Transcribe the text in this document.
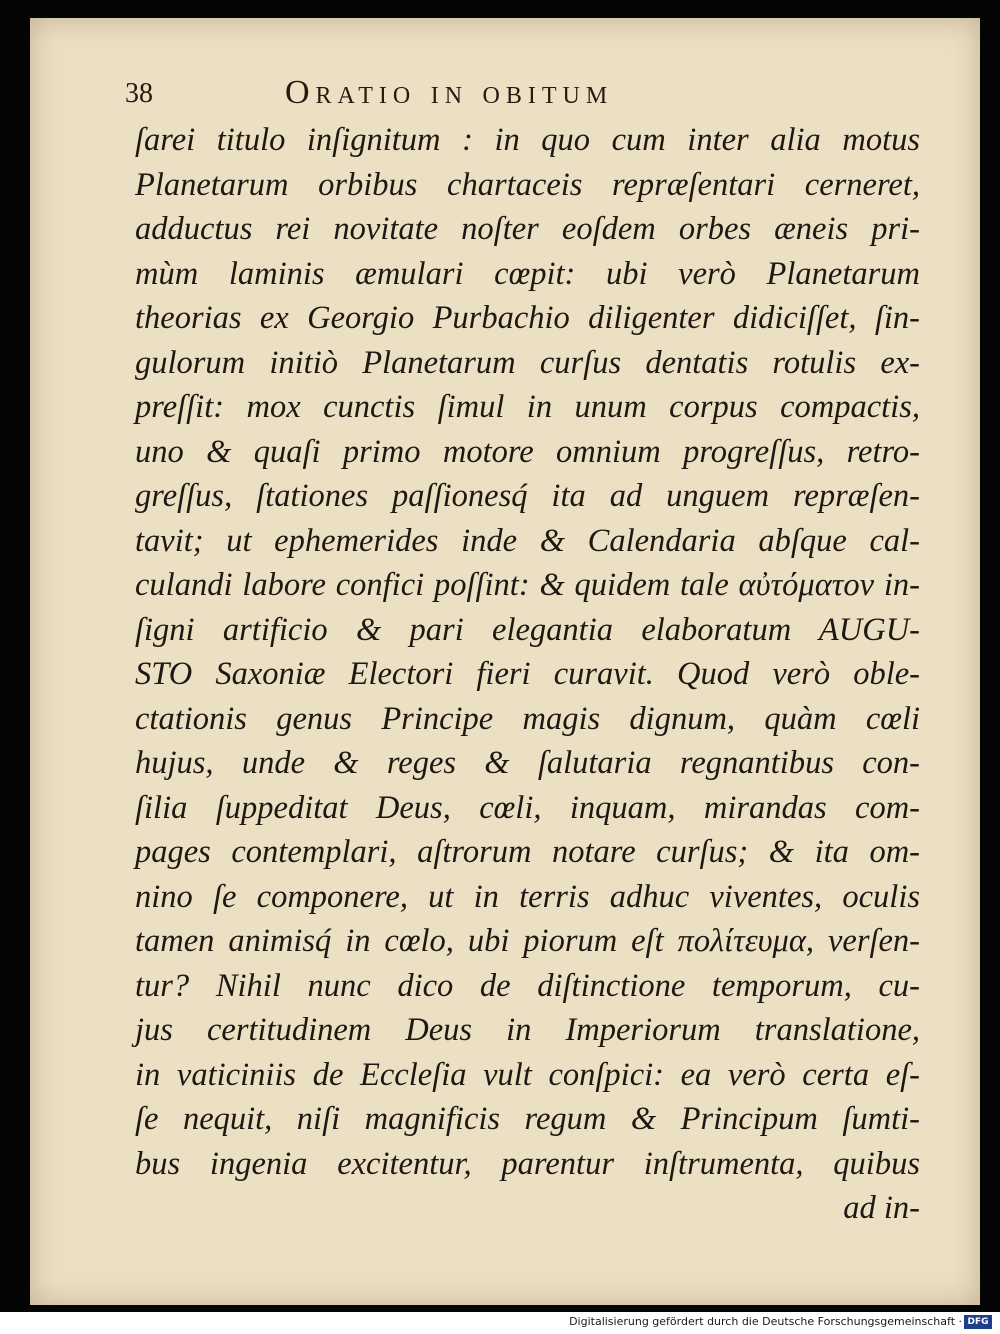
38	Oratio in obitum
ſarei titulo inſignitum : in quo cum inter alia motus
Planetarum orbibus chartaceis repræſentari cerneret,
adductus rei novitate noſter eoſdem orbes æneis pri-
mùm laminis æmulari cœpit: ubi verò Planetarum
theorias ex Georgio Purbachio diligenter didiciſſet, ſin-
gulorum initiò Planetarum curſus dentatis rotulis ex-
preſſit: mox cunctis ſimul in unum corpus compactis,
uno & quaſi primo motore omnium progreſſus, retro-
greſſus, ſtationes paſſionesq́ ita ad unguem repræſen-
tavit; ut ephemerides inde & Calendaria abſque cal-
culandi labore confici poſſint: & quidem tale αὐτόματον in-
ſigni artificio & pari elegantia elaboratum AUGU-
STO Saxoniæ Electori fieri curavit. Quod verò oble-
ctationis genus Principe magis dignum, quàm cœli
hujus, unde & reges & ſalutaria regnantibus con-
ſilia ſuppeditat Deus, cœli, inquam, mirandas com-
pages contemplari, aſtrorum notare curſus; & ita om-
nino ſe componere, ut in terris adhuc viventes, oculis
tamen animisq́ in cœlo, ubi piorum eſt πολίτευμα, verſen-
tur? Nihil nunc dico de diſtinctione temporum, cu-
jus certitudinem Deus in Imperiorum translatione,
in vaticiniis de Eccleſia vult conſpici: ea verò certa eſ-
ſe nequit, niſi magnificis regum & Principum ſumti-
bus ingenia excitentur, parentur inſtrumenta, quibus
ad in-
Digitalisierung gefördert durch die Deutsche Forschungsgemeinschaft · DFG
